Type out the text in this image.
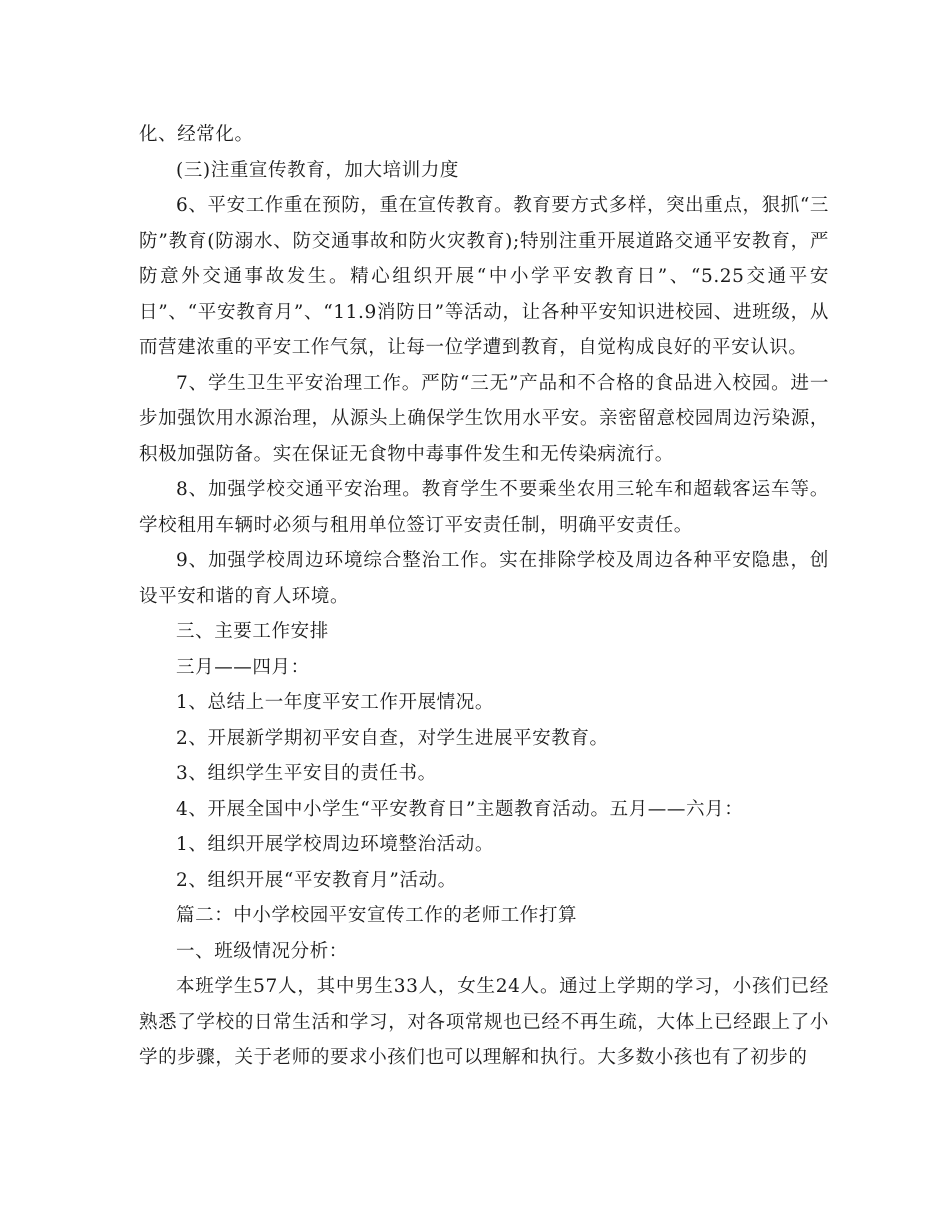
化、经常化。

(三)注重宣传教育，加大培训力度

6、平安工作重在预防，重在宣传教育。教育要方式多样，突出重点，狠抓“三防”教育(防溺水、防交通事故和防火灾教育);特别注重开展道路交通平安教育，严防意外交通事故发生。精心组织开展“中小学平安教育日”、“5.25交通平安日”、“平安教育月”、“11.9消防日”等活动，让各种平安知识进校园、进班级，从而营建浓重的平安工作气氛，让每一位学遭到教育，自觉构成良好的平安认识。

7、学生卫生平安治理工作。严防“三无”产品和不合格的食品进入校园。进一步加强饮用水源治理，从源头上确保学生饮用水平安。亲密留意校园周边污染源，积极加强防备。实在保证无食物中毒事件发生和无传染病流行。

8、加强学校交通平安治理。教育学生不要乘坐农用三轮车和超载客运车等。学校租用车辆时必须与租用单位签订平安责任制，明确平安责任。

9、加强学校周边环境综合整治工作。实在排除学校及周边各种平安隐患，创设平安和谐的育人环境。

三、主要工作安排

三月——四月：

1、总结上一年度平安工作开展情况。

2、开展新学期初平安自查，对学生进展平安教育。

3、组织学生平安目的责任书。

4、开展全国中小学生“平安教育日”主题教育活动。五月——六月：

1、组织开展学校周边环境整治活动。

2、组织开展“平安教育月”活动。

篇二：中小学校园平安宣传工作的老师工作打算

一、班级情况分析：

本班学生57人，其中男生33人，女生24人。通过上学期的学习，小孩们已经熟悉了学校的日常生活和学习，对各项常规也已经不再生疏，大体上已经跟上了小学的步骤，关于老师的要求小孩们也可以理解和执行。大多数小孩也有了初步的
